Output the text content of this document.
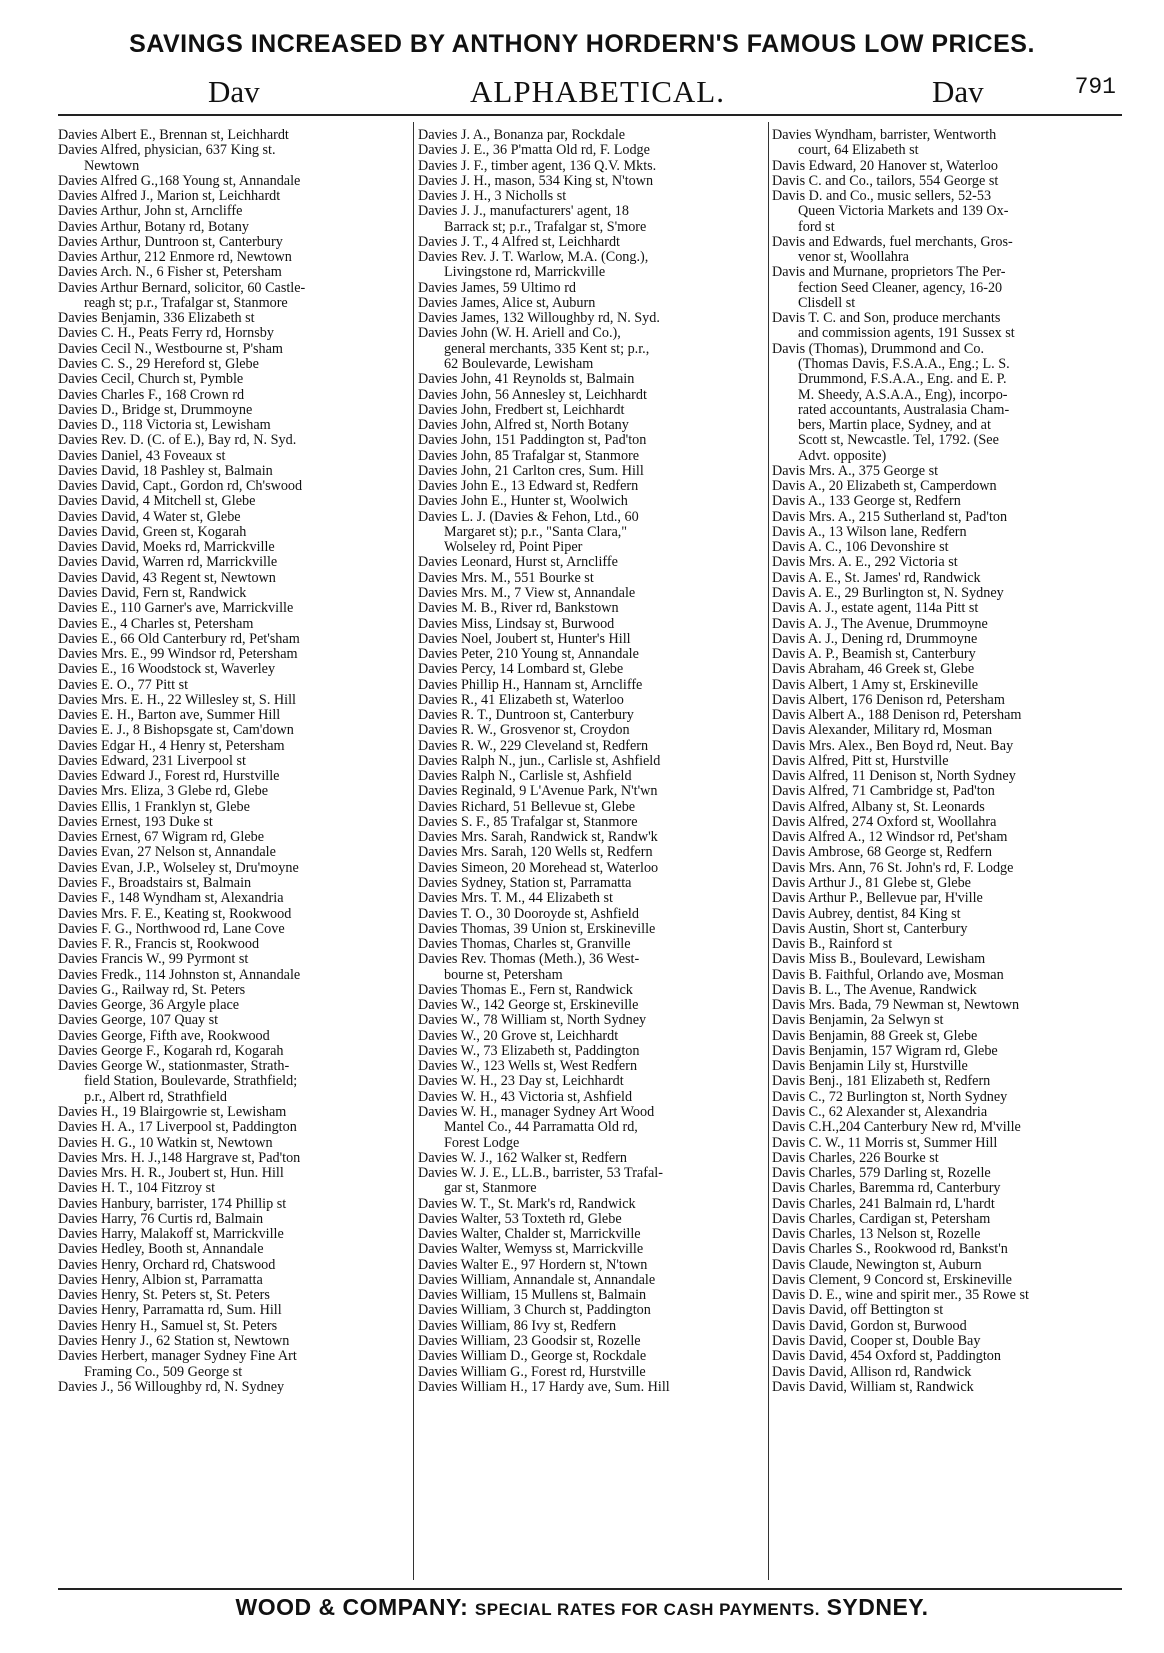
SAVINGS INCREASED BY ANTHONY HORDERN'S FAMOUS LOW PRICES.
Dav	ALPHABETICAL.	Dav	791
Davies Albert E., Brennan st, Leichhardt
Davies Alfred, physician, 637 King st.
Newtown
Davies Alfred G.,168 Young st, Annandale
Davies Alfred J., Marion st, Leichhardt
Davies Arthur, John st, Arncliffe
Davies Arthur, Botany rd, Botany
Davies Arthur, Duntroon st, Canterbury
Davies Arthur, 212 Enmore rd, Newtown
Davies Arch. N., 6 Fisher st, Petersham
Davies Arthur Bernard, solicitor, 60 Castle-
reagh st; p.r., Trafalgar st, Stanmore
Davies Benjamin, 336 Elizabeth st
Davies C. H., Peats Ferry rd, Hornsby
Davies Cecil N., Westbourne st, P'sham
Davies C. S., 29 Hereford st, Glebe
Davies Cecil, Church st, Pymble
Davies Charles F., 168 Crown rd
Davies D., Bridge st, Drummoyne
Davies D., 118 Victoria st, Lewisham
Davies Rev. D. (C. of E.), Bay rd, N. Syd.
Davies Daniel, 43 Foveaux st
Davies David, 18 Pashley st, Balmain
Davies David, Capt., Gordon rd, Ch'swood
Davies David, 4 Mitchell st, Glebe
Davies David, 4 Water st, Glebe
Davies David, Green st, Kogarah
Davies David, Moeks rd, Marrickville
Davies David, Warren rd, Marrickville
Davies David, 43 Regent st, Newtown
Davies David, Fern st, Randwick
Davies E., 110 Garner's ave, Marrickville
Davies E., 4 Charles st, Petersham
Davies E., 66 Old Canterbury rd, Pet'sham
Davies Mrs. E., 99 Windsor rd, Petersham
Davies E., 16 Woodstock st, Waverley
Davies E. O., 77 Pitt st
Davies Mrs. E. H., 22 Willesley st, S. Hill
Davies E. H., Barton ave, Summer Hill
Davies E. J., 8 Bishopsgate st, Cam'down
Davies Edgar H., 4 Henry st, Petersham
Davies Edward, 231 Liverpool st
Davies Edward J., Forest rd, Hurstville
Davies Mrs. Eliza, 3 Glebe rd, Glebe
Davies Ellis, 1 Franklyn st, Glebe
Davies Ernest, 193 Duke st
Davies Ernest, 67 Wigram rd, Glebe
Davies Evan, 27 Nelson st, Annandale
Davies Evan, J.P., Wolseley st, Dru'moyne
Davies F., Broadstairs st, Balmain
Davies F., 148 Wyndham st, Alexandria
Davies Mrs. F. E., Keating st, Rookwood
Davies F. G., Northwood rd, Lane Cove
Davies F. R., Francis st, Rookwood
Davies Francis W., 99 Pyrmont st
Davies Fredk., 114 Johnston st, Annandale
Davies G., Railway rd, St. Peters
Davies George, 36 Argyle place
Davies George, 107 Quay st
Davies George, Fifth ave, Rookwood
Davies George F., Kogarah rd, Kogarah
Davies George W., stationmaster, Strath-
field Station, Boulevarde, Strathfield;
p.r., Albert rd, Strathfield
Davies H., 19 Blairgowrie st, Lewisham
Davies H. A., 17 Liverpool st, Paddington
Davies H. G., 10 Watkin st, Newtown
Davies Mrs. H. J.,148 Hargrave st, Pad'ton
Davies Mrs. H. R., Joubert st, Hun. Hill
Davies H. T., 104 Fitzroy st
Davies Hanbury, barrister, 174 Phillip st
Davies Harry, 76 Curtis rd, Balmain
Davies Harry, Malakoff st, Marrickville
Davies Hedley, Booth st, Annandale
Davies Henry, Orchard rd, Chatswood
Davies Henry, Albion st, Parramatta
Davies Henry, St. Peters st, St. Peters
Davies Henry, Parramatta rd, Sum. Hill
Davies Henry H., Samuel st, St. Peters
Davies Henry J., 62 Station st, Newtown
Davies Herbert, manager Sydney Fine Art
Framing Co., 509 George st
Davies J., 56 Willoughby rd, N. Sydney
Davies J. A., Bonanza par, Rockdale
Davies J. E., 36 P'matta Old rd, F. Lodge
Davies J. F., timber agent, 136 Q.V. Mkts.
Davies J. H., mason, 534 King st, N'town
Davies J. H., 3 Nicholls st
Davies J. J., manufacturers' agent, 18
Barrack st; p.r., Trafalgar st, S'more
Davies J. T., 4 Alfred st, Leichhardt
Davies Rev. J. T. Warlow, M.A. (Cong.),
Livingstone rd, Marrickville
Davies James, 59 Ultimo rd
Davies James, Alice st, Auburn
Davies James, 132 Willoughby rd, N. Syd.
Davies John (W. H. Ariell and Co.),
general merchants, 335 Kent st; p.r.,
62 Boulevarde, Lewisham
Davies John, 41 Reynolds st, Balmain
Davies John, 56 Annesley st, Leichhardt
Davies John, Fredbert st, Leichhardt
Davies John, Alfred st, North Botany
Davies John, 151 Paddington st, Pad'ton
Davies John, 85 Trafalgar st, Stanmore
Davies John, 21 Carlton cres, Sum. Hill
Davies John E., 13 Edward st, Redfern
Davies John E., Hunter st, Woolwich
Davies L. J. (Davies & Fehon, Ltd., 60
Margaret st); p.r., "Santa Clara,"
Wolseley rd, Point Piper
Davies Leonard, Hurst st, Arncliffe
Davies Mrs. M., 551 Bourke st
Davies Mrs. M., 7 View st, Annandale
Davies M. B., River rd, Bankstown
Davies Miss, Lindsay st, Burwood
Davies Noel, Joubert st, Hunter's Hill
Davies Peter, 210 Young st, Annandale
Davies Percy, 14 Lombard st, Glebe
Davies Phillip H., Hannam st, Arncliffe
Davies R., 41 Elizabeth st, Waterloo
Davies R. T., Duntroon st, Canterbury
Davies R. W., Grosvenor st, Croydon
Davies R. W., 229 Cleveland st, Redfern
Davies Ralph N., jun., Carlisle st, Ashfield
Davies Ralph N., Carlisle st, Ashfield
Davies Reginald, 9 L'Avenue Park, N't'wn
Davies Richard, 51 Bellevue st, Glebe
Davies S. F., 85 Trafalgar st, Stanmore
Davies Mrs. Sarah, Randwick st, Randw'k
Davies Mrs. Sarah, 120 Wells st, Redfern
Davies Simeon, 20 Morehead st, Waterloo
Davies Sydney, Station st, Parramatta
Davies Mrs. T. M., 44 Elizabeth st
Davies T. O., 30 Dooroyde st, Ashfield
Davies Thomas, 39 Union st, Erskineville
Davies Thomas, Charles st, Granville
Davies Rev. Thomas (Meth.), 36 West-
bourne st, Petersham
Davies Thomas E., Fern st, Randwick
Davies W., 142 George st, Erskineville
Davies W., 78 William st, North Sydney
Davies W., 20 Grove st, Leichhardt
Davies W., 73 Elizabeth st, Paddington
Davies W., 123 Wells st, West Redfern
Davies W. H., 23 Day st, Leichhardt
Davies W. H., 43 Victoria st, Ashfield
Davies W. H., manager Sydney Art Wood
Mantel Co., 44 Parramatta Old rd,
Forest Lodge
Davies W. J., 162 Walker st, Redfern
Davies W. J. E., LL.B., barrister, 53 Trafal-
gar st, Stanmore
Davies W. T., St. Mark's rd, Randwick
Davies Walter, 53 Toxteth rd, Glebe
Davies Walter, Chalder st, Marrickville
Davies Walter, Wemyss st, Marrickville
Davies Walter E., 97 Hordern st, N'town
Davies William, Annandale st, Annandale
Davies William, 15 Mullens st, Balmain
Davies William, 3 Church st, Paddington
Davies William, 86 Ivy st, Redfern
Davies William, 23 Goodsir st, Rozelle
Davies William D., George st, Rockdale
Davies William G., Forest rd, Hurstville
Davies William H., 17 Hardy ave, Sum. Hill
Davies Wyndham, barrister, Wentworth
court, 64 Elizabeth st
Davis Edward, 20 Hanover st, Waterloo
Davis C. and Co., tailors, 554 George st
Davis D. and Co., music sellers, 52-53
Queen Victoria Markets and 139 Ox-
ford st
Davis and Edwards, fuel merchants, Gros-
venor st, Woollahra
Davis and Murnane, proprietors The Per-
fection Seed Cleaner, agency, 16-20
Clisdell st
Davis T. C. and Son, produce merchants
and commission agents, 191 Sussex st
Davis (Thomas), Drummond and Co.
(Thomas Davis, F.S.A.A., Eng.; L. S.
Drummond, F.S.A.A., Eng. and E. P.
M. Sheedy, A.S.A.A., Eng), incorpo-
rated accountants, Australasia Cham-
bers, Martin place, Sydney, and at
Scott st, Newcastle. Tel, 1792. (See
Advt. opposite)
Davis Mrs. A., 375 George st
Davis A., 20 Elizabeth st, Camperdown
Davis A., 133 George st, Redfern
Davis Mrs. A., 215 Sutherland st, Pad'ton
Davis A., 13 Wilson lane, Redfern
Davis A. C., 106 Devonshire st
Davis Mrs. A. E., 292 Victoria st
Davis A. E., St. James' rd, Randwick
Davis A. E., 29 Burlington st, N. Sydney
Davis A. J., estate agent, 114a Pitt st
Davis A. J., The Avenue, Drummoyne
Davis A. J., Dening rd, Drummoyne
Davis A. P., Beamish st, Canterbury
Davis Abraham, 46 Greek st, Glebe
Davis Albert, 1 Amy st, Erskineville
Davis Albert, 176 Denison rd, Petersham
Davis Albert A., 188 Denison rd, Petersham
Davis Alexander, Military rd, Mosman
Davis Mrs. Alex., Ben Boyd rd, Neut. Bay
Davis Alfred, Pitt st, Hurstville
Davis Alfred, 11 Denison st, North Sydney
Davis Alfred, 71 Cambridge st, Pad'ton
Davis Alfred, Albany st, St. Leonards
Davis Alfred, 274 Oxford st, Woollahra
Davis Alfred A., 12 Windsor rd, Pet'sham
Davis Ambrose, 68 George st, Redfern
Davis Mrs. Ann, 76 St. John's rd, F. Lodge
Davis Arthur J., 81 Glebe st, Glebe
Davis Arthur P., Bellevue par, H'ville
Davis Aubrey, dentist, 84 King st
Davis Austin, Short st, Canterbury
Davis B., Rainford st
Davis Miss B., Boulevard, Lewisham
Davis B. Faithful, Orlando ave, Mosman
Davis B. L., The Avenue, Randwick
Davis Mrs. Bada, 79 Newman st, Newtown
Davis Benjamin, 2a Selwyn st
Davis Benjamin, 88 Greek st, Glebe
Davis Benjamin, 157 Wigram rd, Glebe
Davis Benjamin Lily st, Hurstville
Davis Benj., 181 Elizabeth st, Redfern
Davis C., 72 Burlington st, North Sydney
Davis C., 62 Alexander st, Alexandria
Davis C.H.,204 Canterbury New rd, M'ville
Davis C. W., 11 Morris st, Summer Hill
Davis Charles, 226 Bourke st
Davis Charles, 579 Darling st, Rozelle
Davis Charles, Baremma rd, Canterbury
Davis Charles, 241 Balmain rd, L'hardt
Davis Charles, Cardigan st, Petersham
Davis Charles, 13 Nelson st, Rozelle
Davis Charles S., Rookwood rd, Bankst'n
Davis Claude, Newington st, Auburn
Davis Clement, 9 Concord st, Erskineville
Davis D. E., wine and spirit mer., 35 Rowe st
Davis David, off Bettington st
Davis David, Gordon st, Burwood
Davis David, Cooper st, Double Bay
Davis David, 454 Oxford st, Paddington
Davis David, Allison rd, Randwick
Davis David, William st, Randwick
WOOD & COMPANY: SPECIAL RATES FOR CASH PAYMENTS. SYDNEY.
